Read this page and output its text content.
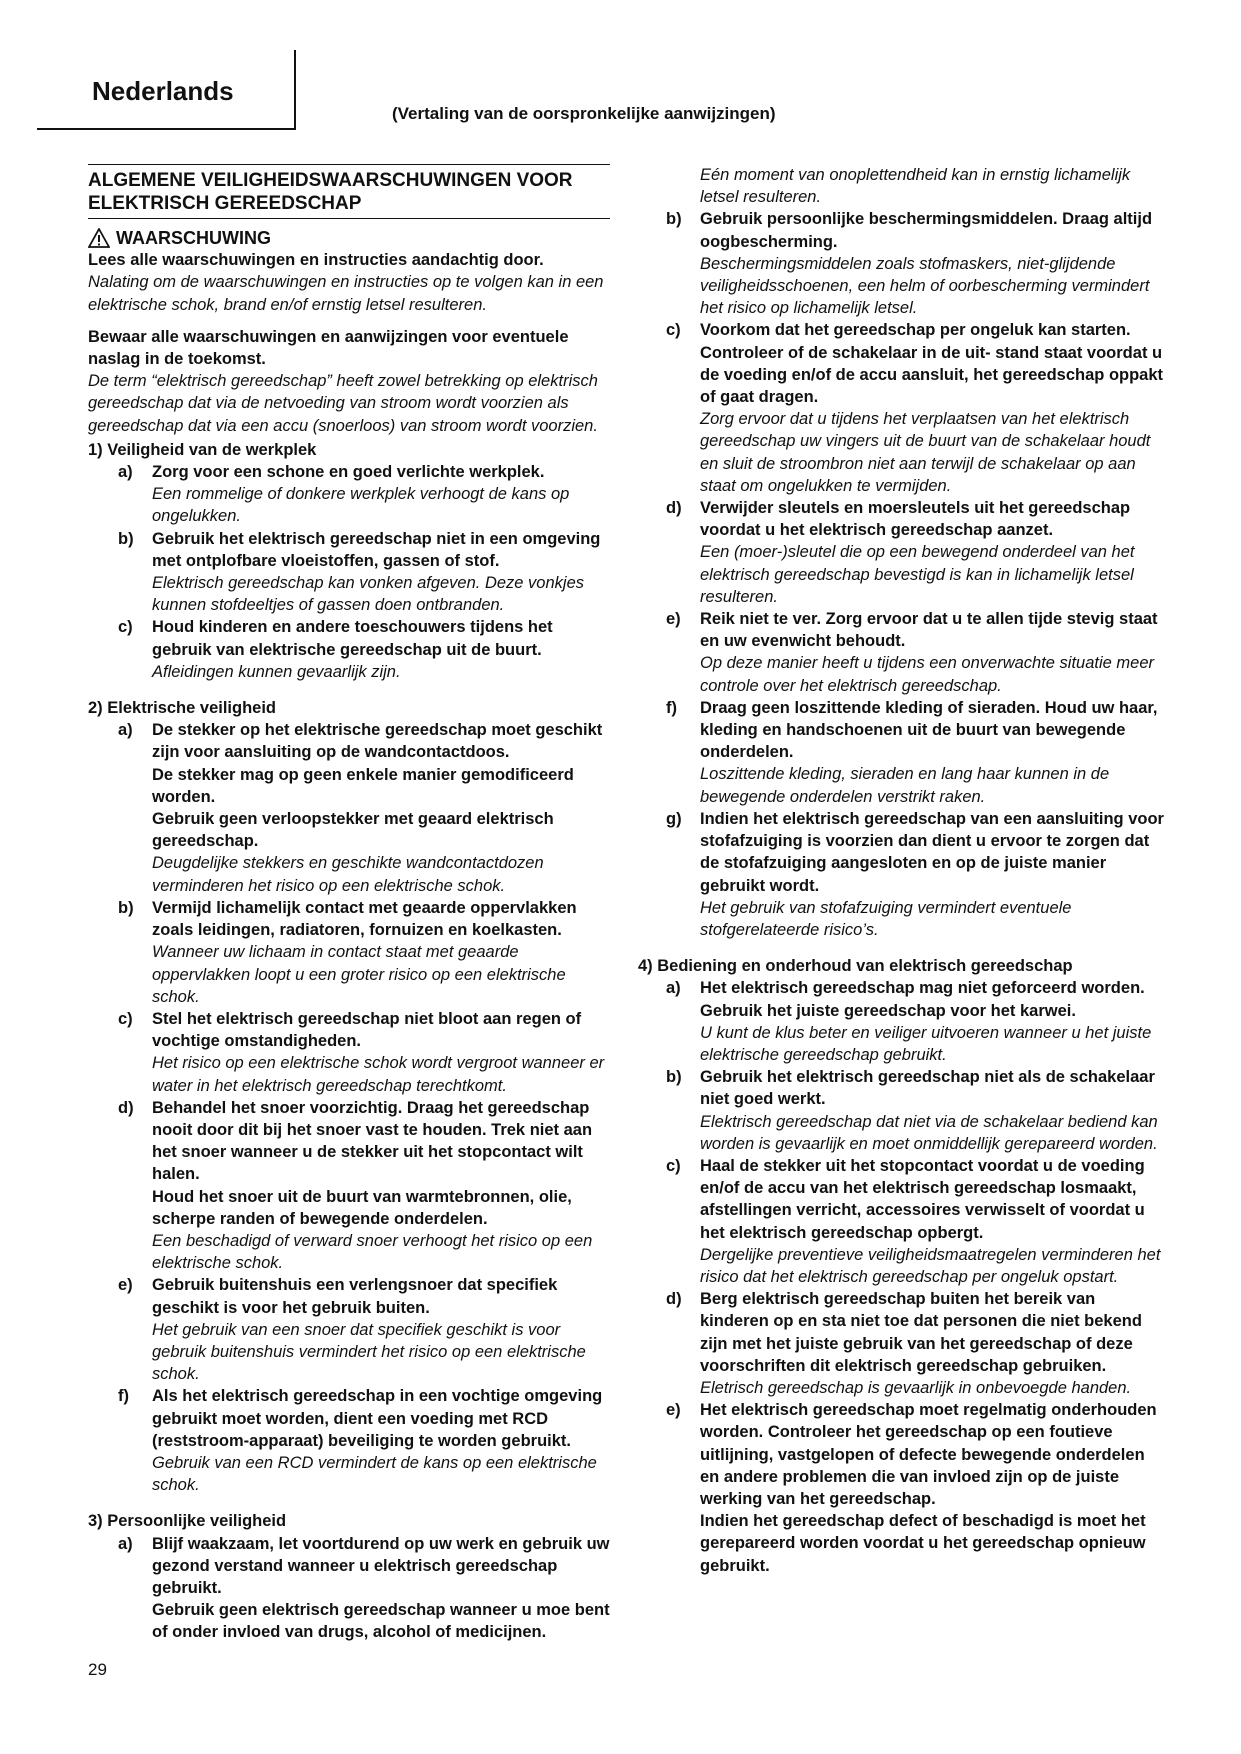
Nederlands
(Vertaling van de oorspronkelijke aanwijzingen)
ALGEMENE VEILIGHEIDSWAARSCHUWINGEN VOOR ELEKTRISCH GEREEDSCHAP
WAARSCHUWING
Lees alle waarschuwingen en instructies aandachtig door.
Nalating om de waarschuwingen en instructies op te volgen kan in een elektrische schok, brand en/of ernstig letsel resulteren.
Bewaar alle waarschuwingen en aanwijzingen voor eventuele naslag in de toekomst.
De term “elektrisch gereedschap” heeft zowel betrekking op elektrisch gereedschap dat via de netvoeding van stroom wordt voorzien als gereedschap dat via een accu (snoerloos) van stroom wordt voorzien.
1) Veiligheid van de werkplek
a)	Zorg voor een schone en goed verlichte werkplek.
Een rommelige of donkere werkplek verhoogt de kans op ongelukken.
b)	Gebruik het elektrisch gereedschap niet in een omgeving met ontplofbare vloeistoffen, gassen of stof.
Elektrisch gereedschap kan vonken afgeven. Deze vonkjes kunnen stofdeeltjes of gassen doen ontbranden.
c)	Houd kinderen en andere toeschouwers tijdens het gebruik van elektrische gereedschap uit de buurt.
Afleidingen kunnen gevaarlijk zijn.
2) Elektrische veiligheid
a)	De stekker op het elektrische gereedschap moet geschikt zijn voor aansluiting op de wandcontactdoos.
De stekker mag op geen enkele manier gemodificeerd worden.
Gebruik geen verloopstekker met geaard elektrisch gereedschap.
Deugdelijke stekkers en geschikte wandcontactdozen verminderen het risico op een elektrische schok.
b)	Vermijd lichamelijk contact met geaarde oppervlakken zoals leidingen, radiatoren, fornuizen en koelkasten.
Wanneer uw lichaam in contact staat met geaarde oppervlakken loopt u een groter risico op een elektrische schok.
c)	Stel het elektrisch gereedschap niet bloot aan regen of vochtige omstandigheden.
Het risico op een elektrische schok wordt vergroot wanneer er water in het elektrisch gereedschap terechtkomt.
d)	Behandel het snoer voorzichtig. Draag het gereedschap nooit door dit bij het snoer vast te houden. Trek niet aan het snoer wanneer u de stekker uit het stopcontact wilt halen.
Houd het snoer uit de buurt van warmtebronnen, olie, scherpe randen of bewegende onderdelen.
Een beschadigd of verward snoer verhoogt het risico op een elektrische schok.
e)	Gebruik buitenshuis een verlengsnoer dat specifiek geschikt is voor het gebruik buiten.
Het gebruik van een snoer dat specifiek geschikt is voor gebruik buitenshuis vermindert het risico op een elektrische schok.
f)	Als het elektrisch gereedschap in een vochtige omgeving gebruikt moet worden, dient een voeding met RCD (reststroom-apparaat) beveiliging te worden gebruikt.
Gebruik van een RCD vermindert de kans op een elektrische schok.
3) Persoonlijke veiligheid
a)	Blijf waakzaam, let voortdurend op uw werk en gebruik uw gezond verstand wanneer u elektrisch gereedschap gebruikt.
Gebruik geen elektrisch gereedschap wanneer u moe bent of onder invloed van drugs, alcohol of medicijnen.
Eén moment van onoplettendheid kan in ernstig lichamelijk letsel resulteren.
b)	Gebruik persoonlijke beschermingsmiddelen. Draag altijd oogbescherming.
Beschermingsmiddelen zoals stofmaskers, niet-glijdende veiligheidsschoenen, een helm of oorbescherming vermindert het risico op lichamelijk letsel.
c)	Voorkom dat het gereedschap per ongeluk kan starten.
Controleer of de schakelaar in de uit- stand staat voordat u de voeding en/of de accu aansluit, het gereedschap oppakt of gaat dragen.
Zorg ervoor dat u tijdens het verplaatsen van het elektrisch gereedschap uw vingers uit de buurt van de schakelaar houdt en sluit de stroombron niet aan terwijl de schakelaar op aan staat om ongelukken te vermijden.
d)	Verwijder sleutels en moersleutels uit het gereedschap voordat u het elektrisch gereedschap aanzet.
Een (moer-)sleutel die op een bewegend onderdeel van het elektrisch gereedschap bevestigd is kan in lichamelijk letsel resulteren.
e)	Reik niet te ver. Zorg ervoor dat u te allen tijde stevig staat en uw evenwicht behoudt.
Op deze manier heeft u tijdens een onverwachte situatie meer controle over het elektrisch gereedschap.
f)	Draag geen loszittende kleding of sieraden. Houd uw haar, kleding en handschoenen uit de buurt van bewegende onderdelen.
Loszittende kleding, sieraden en lang haar kunnen in de bewegende onderdelen verstrikt raken.
g)	Indien het elektrisch gereedschap van een aansluiting voor stofafzuiging is voorzien dan dient u ervoor te zorgen dat de stofafzuiging aangesloten en op de juiste manier gebruikt wordt.
Het gebruik van stofafzuiging vermindert eventuele stofgerelateerde risico’s.
4) Bediening en onderhoud van elektrisch gereedschap
a)	Het elektrisch gereedschap mag niet geforceerd worden. Gebruik het juiste gereedschap voor het karwei.
U kunt de klus beter en veiliger uitvoeren wanneer u het juiste elektrische gereedschap gebruikt.
b)	Gebruik het elektrisch gereedschap niet als de schakelaar niet goed werkt.
Elektrisch gereedschap dat niet via de schakelaar bediend kan worden is gevaarlijk en moet onmiddellijk gerepareerd worden.
c)	Haal de stekker uit het stopcontact voordat u de voeding en/of de accu van het elektrisch gereedschap losmaakt, afstellingen verricht, accessoires verwisselt of voordat u het elektrisch gereedschap opbergt.
Dergelijke preventieve veiligheidsmaatregelen verminderen het risico dat het elektrisch gereedschap per ongeluk opstart.
d)	Berg elektrisch gereedschap buiten het bereik van kinderen op en sta niet toe dat personen die niet bekend zijn met het juiste gebruik van het gereedschap of deze voorschriften dit elektrisch gereedschap gebruiken.
Eletrisch gereedschap is gevaarlijk in onbevoegde handen.
e)	Het elektrisch gereedschap moet regelmatig onderhouden worden. Controleer het gereedschap op een foutieve uitlijning, vastgelopen of defecte bewegende onderdelen en andere problemen die van invloed zijn op de juiste werking van het gereedschap.
Indien het gereedschap defect of beschadigd is moet het gerepareerd worden voordat u het gereedschap opnieuw gebruikt.
29
